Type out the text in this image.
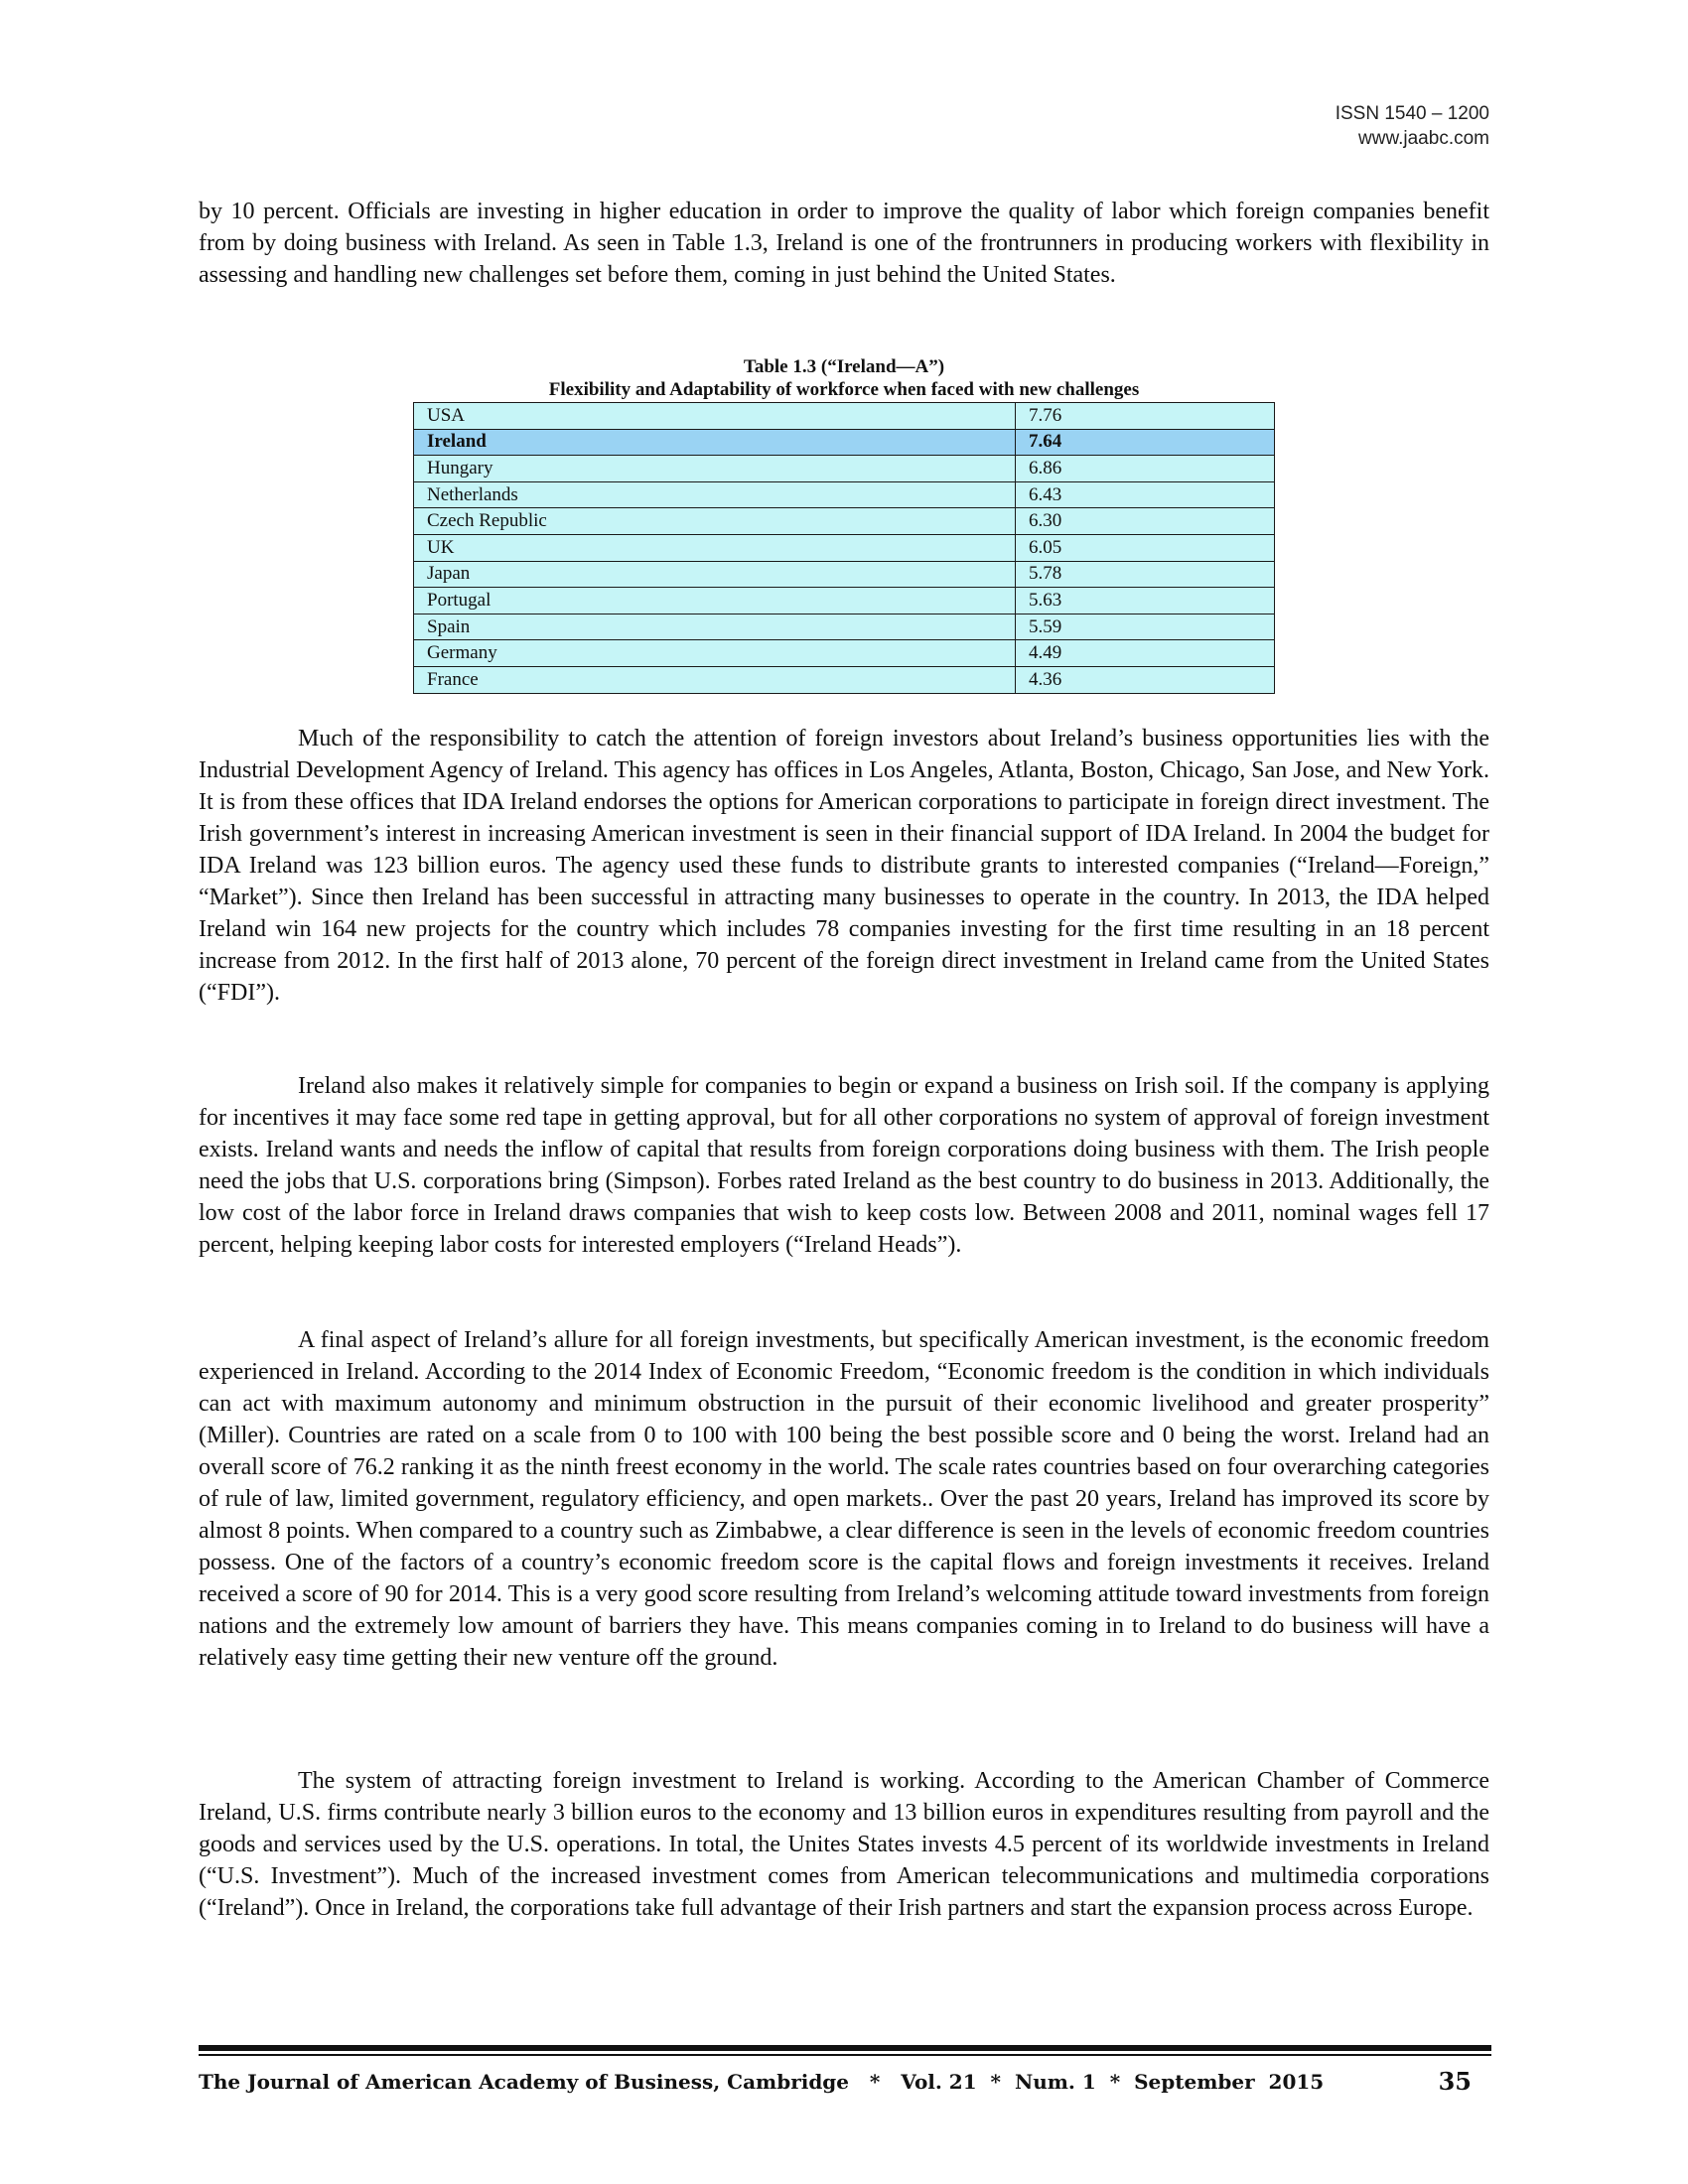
ISSN 1540 – 1200
www.jaabc.com

by 10 percent. Officials are investing in higher education in order to improve the quality of labor which foreign companies benefit from by doing business with Ireland. As seen in Table 1.3, Ireland is one of the frontrunners in producing workers with flexibility in assessing and handling new challenges set before them, coming in just behind the United States.

Table 1.3 (“Ireland—A”)
Flexibility and Adaptability of workforce when faced with new challenges
USA	7.76
Ireland	7.64
Hungary	6.86
Netherlands	6.43
Czech Republic	6.30
UK	6.05
Japan	5.78
Portugal	5.63
Spain	5.59
Germany	4.49
France	4.36

Much of the responsibility to catch the attention of foreign investors about Ireland’s business opportunities lies with the Industrial Development Agency of Ireland. This agency has offices in Los Angeles, Atlanta, Boston, Chicago, San Jose, and New York. It is from these offices that IDA Ireland endorses the options for American corporations to participate in foreign direct investment. The Irish government’s interest in increasing American investment is seen in their financial support of IDA Ireland. In 2004 the budget for IDA Ireland was 123 billion euros. The agency used these funds to distribute grants to interested companies (“Ireland—Foreign,” “Market”). Since then Ireland has been successful in attracting many businesses to operate in the country. In 2013, the IDA helped Ireland win 164 new projects for the country which includes 78 companies investing for the first time resulting in an 18 percent increase from 2012. In the first half of 2013 alone, 70 percent of the foreign direct investment in Ireland came from the United States (“FDI”).

Ireland also makes it relatively simple for companies to begin or expand a business on Irish soil. If the company is applying for incentives it may face some red tape in getting approval, but for all other corporations no system of approval of foreign investment exists. Ireland wants and needs the inflow of capital that results from foreign corporations doing business with them. The Irish people need the jobs that U.S. corporations bring (Simpson). Forbes rated Ireland as the best country to do business in 2013. Additionally, the low cost of the labor force in Ireland draws companies that wish to keep costs low. Between 2008 and 2011, nominal wages fell 17 percent, helping keeping labor costs for interested employers (“Ireland Heads”).

A final aspect of Ireland’s allure for all foreign investments, but specifically American investment, is the economic freedom experienced in Ireland. According to the 2014 Index of Economic Freedom, “Economic freedom is the condition in which individuals can act with maximum autonomy and minimum obstruction in the pursuit of their economic livelihood and greater prosperity” (Miller). Countries are rated on a scale from 0 to 100 with 100 being the best possible score and 0 being the worst. Ireland had an overall score of 76.2 ranking it as the ninth freest economy in the world. The scale rates countries based on four overarching categories of rule of law, limited government, regulatory efficiency, and open markets.. Over the past 20 years, Ireland has improved its score by almost 8 points. When compared to a country such as Zimbabwe, a clear difference is seen in the levels of economic freedom countries possess. One of the factors of a country’s economic freedom score is the capital flows and foreign investments it receives. Ireland received a score of 90 for 2014. This is a very good score resulting from Ireland’s welcoming attitude toward investments from foreign nations and the extremely low amount of barriers they have. This means companies coming in to Ireland to do business will have a relatively easy time getting their new venture off the ground.

The system of attracting foreign investment to Ireland is working. According to the American Chamber of Commerce Ireland, U.S. firms contribute nearly 3 billion euros to the economy and 13 billion euros in expenditures resulting from payroll and the goods and services used by the U.S. operations. In total, the Unites States invests 4.5 percent of its worldwide investments in Ireland (“U.S. Investment”). Much of the increased investment comes from American telecommunications and multimedia corporations (“Ireland”). Once in Ireland, the corporations take full advantage of their Irish partners and start the expansion process across Europe.

The Journal of American Academy of Business, Cambridge   *   Vol. 21  *  Num. 1  *  September  2015	35
